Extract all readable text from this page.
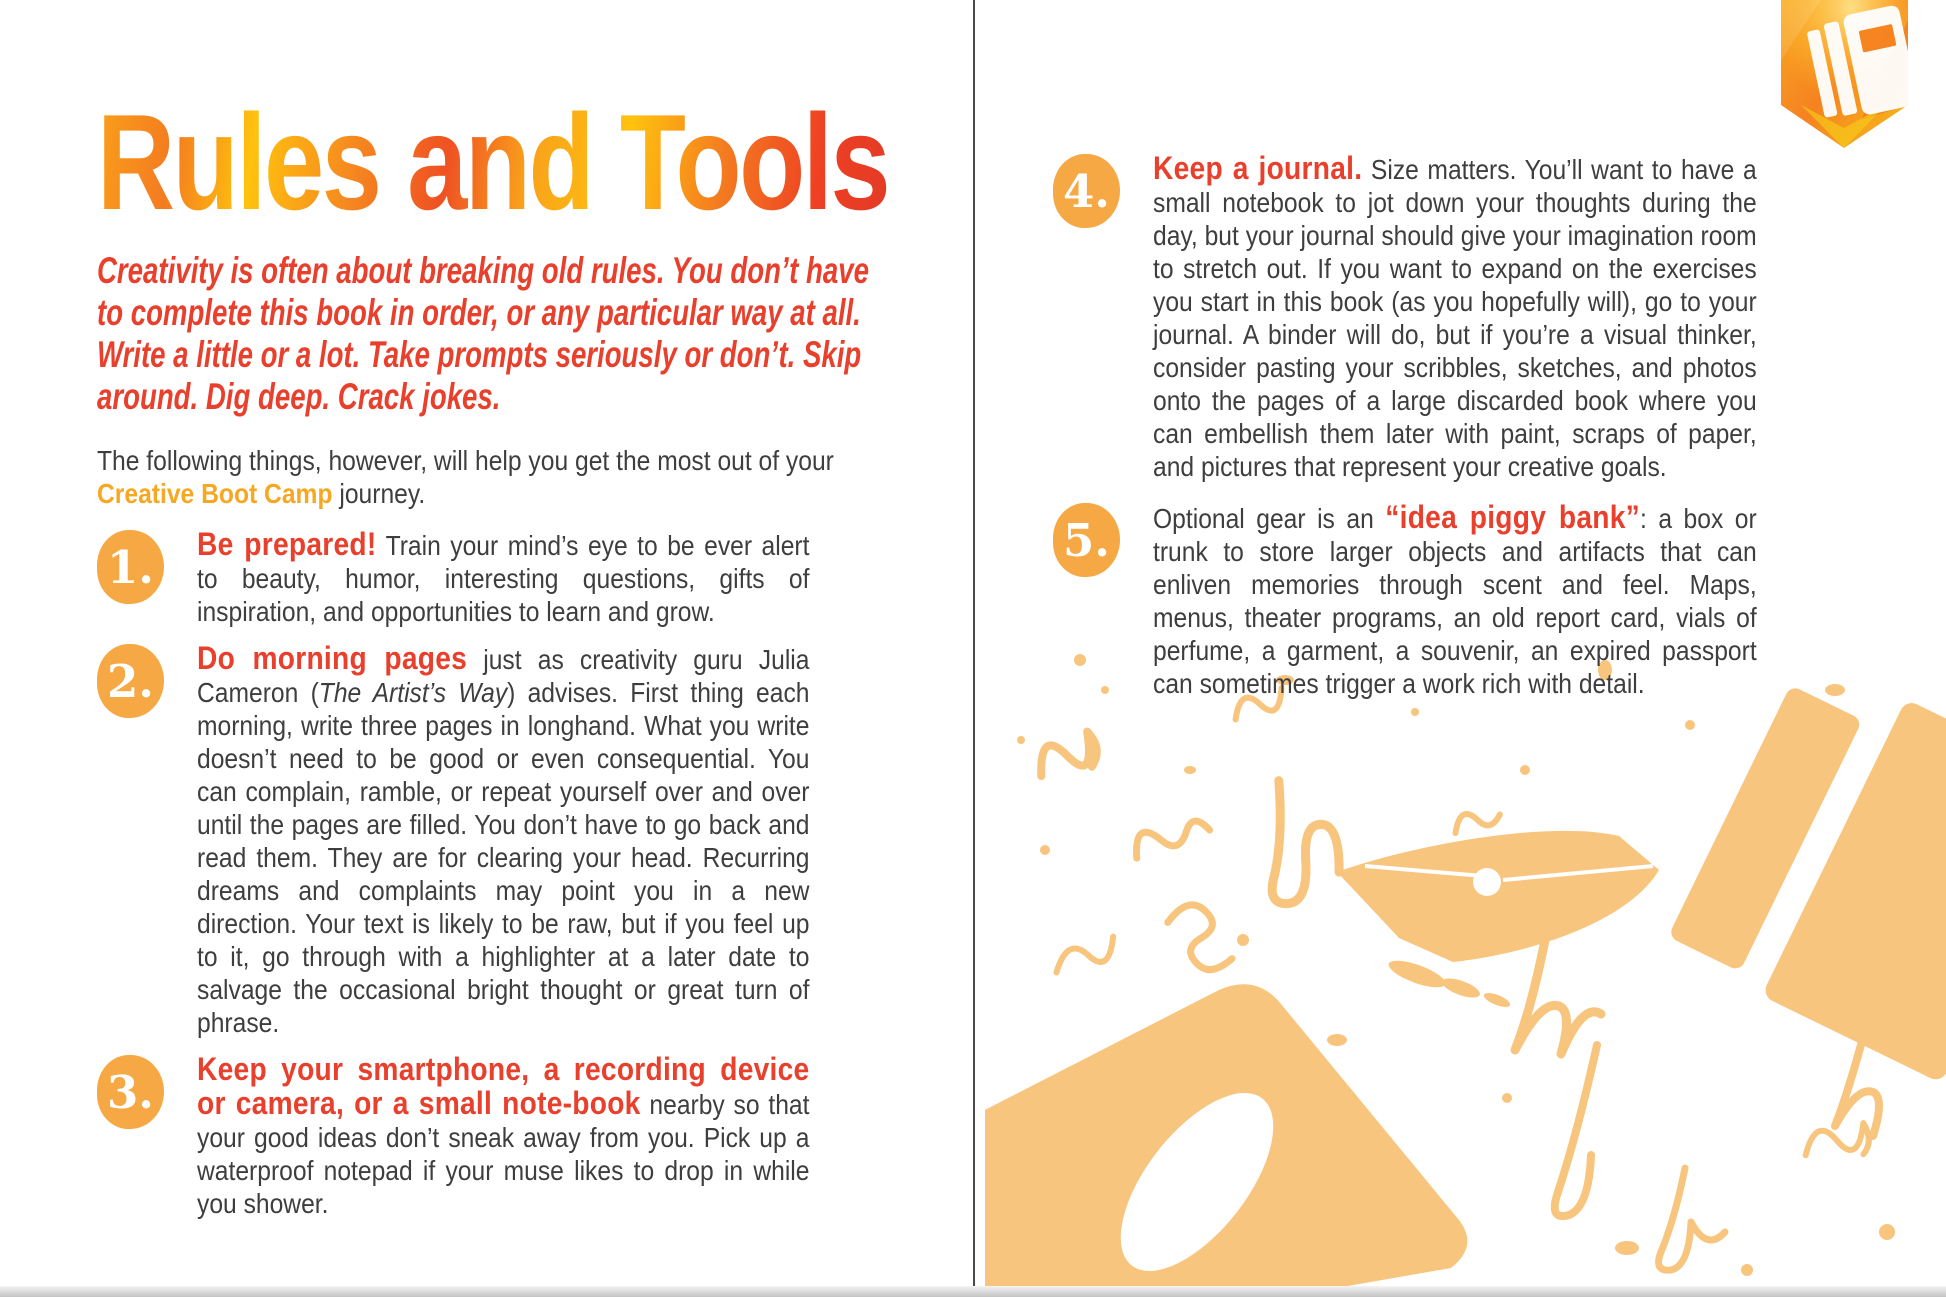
Rules and Tools

Creativity is often about breaking old rules. You don’t have to complete this book in order, or any particular way at all. Write a little or a lot. Take prompts seriously or don’t. Skip around. Dig deep. Crack jokes.

The following things, however, will help you get the most out of your Creative Boot Camp journey.

1.	Be prepared! Train your mind’s eye to be ever alert to beauty, humor, interesting questions, gifts of inspiration, and opportunities to learn and grow.
2.	Do morning pages just as creativity guru Julia Cameron (The Artist’s Way) advises. First thing each morning, write three pages in longhand. What you write doesn’t need to be good or even consequential. You can complain, ramble, or repeat yourself over and over until the pages are filled. You don’t have to go back and read them. They are for clearing your head. Recurring dreams and complaints may point you in a new direction. Your text is likely to be raw, but if you feel up to it, go through with a highlighter at a later date to salvage the occasional bright thought or great turn of phrase.
3.	Keep your smartphone, a recording device or camera, or a small note-book nearby so that your good ideas don’t sneak away from you. Pick up a waterproof notepad if your muse likes to drop in while you shower.
4.	Keep a journal. Size matters. You’ll want to have a small notebook to jot down your thoughts during the day, but your journal should give your imagination room to stretch out. If you want to expand on the exercises you start in this book (as you hopefully will), go to your journal. A binder will do, but if you’re a visual thinker, consider pasting your scribbles, sketches, and photos onto the pages of a large discarded book where you can embellish them later with paint, scraps of paper, and pictures that represent your creative goals.
5.	Optional gear is an “idea piggy bank”: a box or trunk to store larger objects and artifacts that can enliven memories through scent and feel. Maps, menus, theater programs, an old report card, vials of perfume, a garment, a souvenir, an expired passport can sometimes trigger a work rich with detail.
